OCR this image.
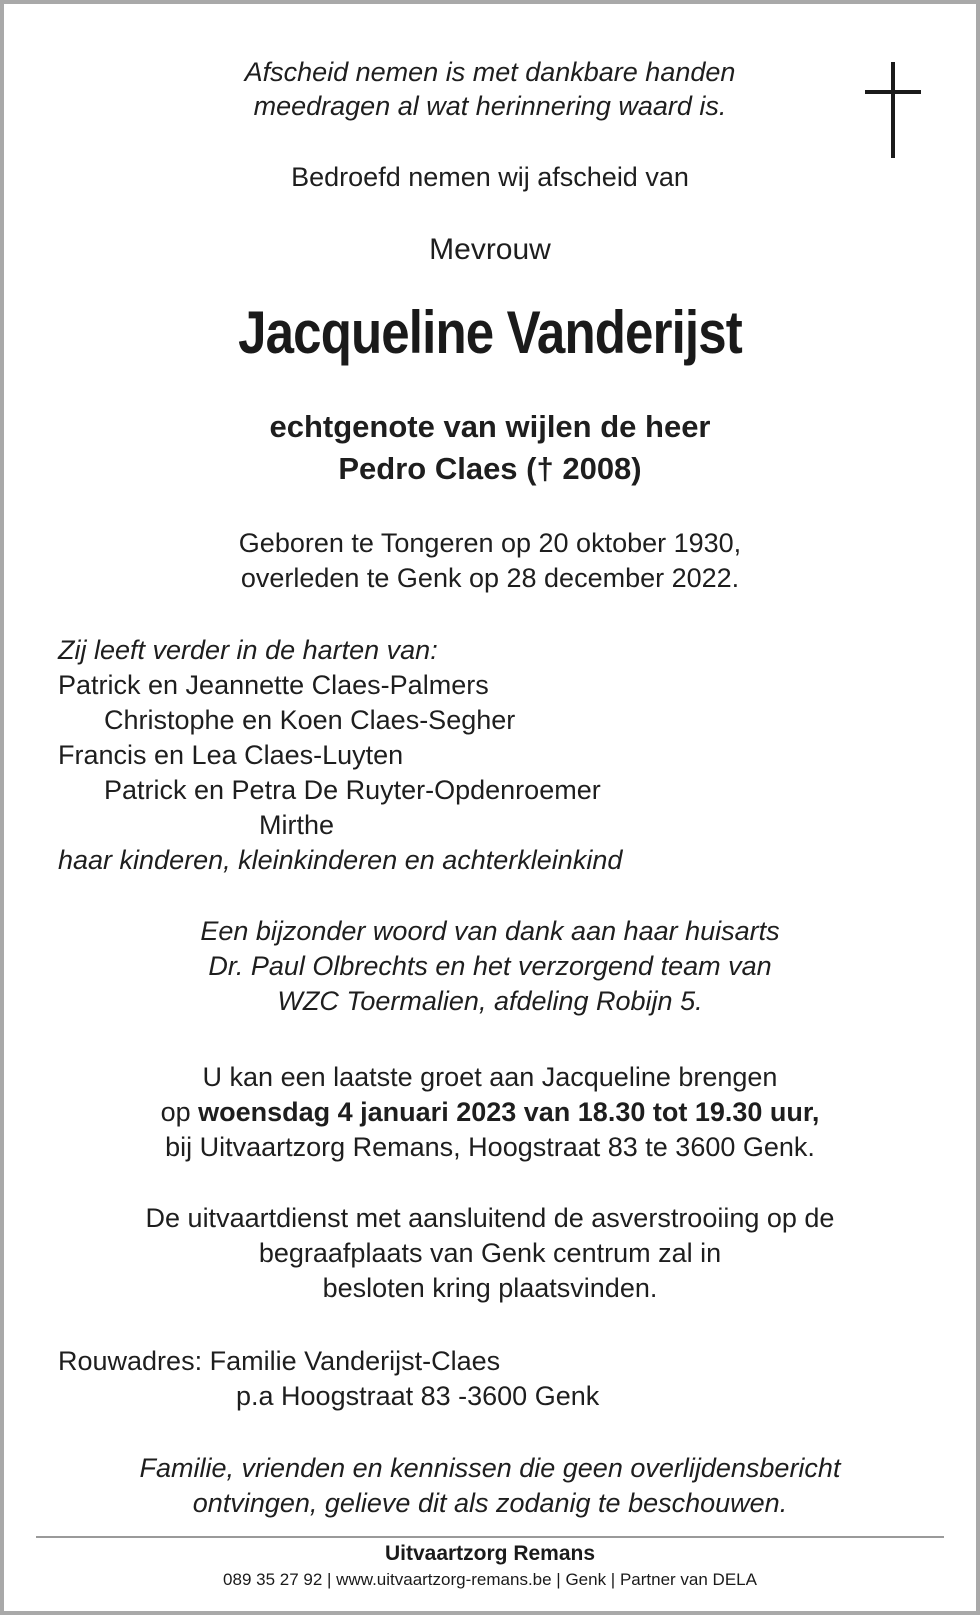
Afscheid nemen is met dankbare handen
meedragen al wat herinnering waard is.
Bedroefd nemen wij afscheid van
Mevrouw
Jacqueline Vanderijst
echtgenote van wijlen de heer
Pedro Claes († 2008)
Geboren te Tongeren op 20 oktober 1930,
overleden te Genk op 28 december 2022.
Zij leeft verder in de harten van:
Patrick en Jeannette Claes-Palmers
Christophe en Koen Claes-Segher
Francis en Lea Claes-Luyten
Patrick en Petra De Ruyter-Opdenroemer
Mirthe
haar kinderen, kleinkinderen en achterkleinkind
Een bijzonder woord van dank aan haar huisarts
Dr. Paul Olbrechts en het verzorgend team van
WZC Toermalien, afdeling Robijn 5.
U kan een laatste groet aan Jacqueline brengen
op woensdag 4 januari 2023 van 18.30 tot 19.30 uur,
bij Uitvaartzorg Remans, Hoogstraat 83 te 3600 Genk.
De uitvaartdienst met aansluitend de asverstrooiing op de
begraafplaats van Genk centrum zal in
besloten kring plaatsvinden.
Rouwadres: Familie Vanderijst-Claes
p.a Hoogstraat 83 -3600 Genk
Familie, vrienden en kennissen die geen overlijdensbericht
ontvingen, gelieve dit als zodanig te beschouwen.
Uitvaartzorg Remans
089 35 27 92 | www.uitvaartzorg-remans.be | Genk | Partner van DELA
